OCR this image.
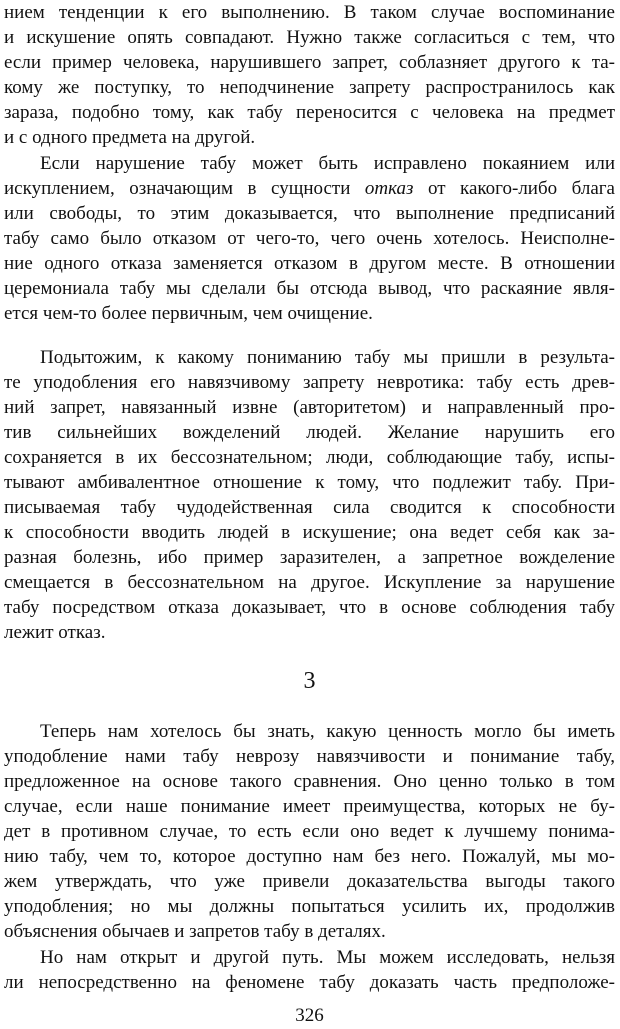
нием тенденции к его выполнению. В таком случае воспоминание
и искушение опять совпадают. Нужно также согласиться с тем, что
если пример человека, нарушившего запрет, соблазняет другого к та-
кому же поступку, то неподчинение запрету распространилось как
зараза, подобно тому, как табу переносится с человека на предмет
и с одного предмета на другой.
Если нарушение табу может быть исправлено покаянием или
искуплением, означающим в сущности отказ от какого-либо блага
или свободы, то этим доказывается, что выполнение предписаний
табу само было отказом от чего-то, чего очень хотелось. Неисполне-
ние одного отказа заменяется отказом в другом месте. В отношении
церемониала табу мы сделали бы отсюда вывод, что раскаяние явля-
ется чем-то более первичным, чем очищение.
Подытожим, к какому пониманию табу мы пришли в результа-
те уподобления его навязчивому запрету невротика: табу есть древ-
ний запрет, навязанный извне (авторитетом) и направленный про-
тив сильнейших вожделений людей. Желание нарушить его
сохраняется в их бессознательном; люди, соблюдающие табу, испы-
тывают амбивалентное отношение к тому, что подлежит табу. При-
писываемая табу чудодейственная сила сводится к способности
к способности вводить людей в искушение; она ведет себя как за-
разная болезнь, ибо пример заразителен, а запретное вожделение
смещается в бессознательном на другое. Искупление за нарушение
табу посредством отказа доказывает, что в основе соблюдения табу
лежит отказ.
3
Теперь нам хотелось бы знать, какую ценность могло бы иметь
уподобление нами табу неврозу навязчивости и понимание табу,
предложенное на основе такого сравнения. Оно ценно только в том
случае, если наше понимание имеет преимущества, которых не бу-
дет в противном случае, то есть если оно ведет к лучшему понима-
нию табу, чем то, которое доступно нам без него. Пожалуй, мы мо-
жем утверждать, что уже привели доказательства выгоды такого
уподобления; но мы должны попытаться усилить их, продолжив
объяснения обычаев и запретов табу в деталях.
Но нам открыт и другой путь. Мы можем исследовать, нельзя
ли непосредственно на феномене табу доказать часть предположе-
326
